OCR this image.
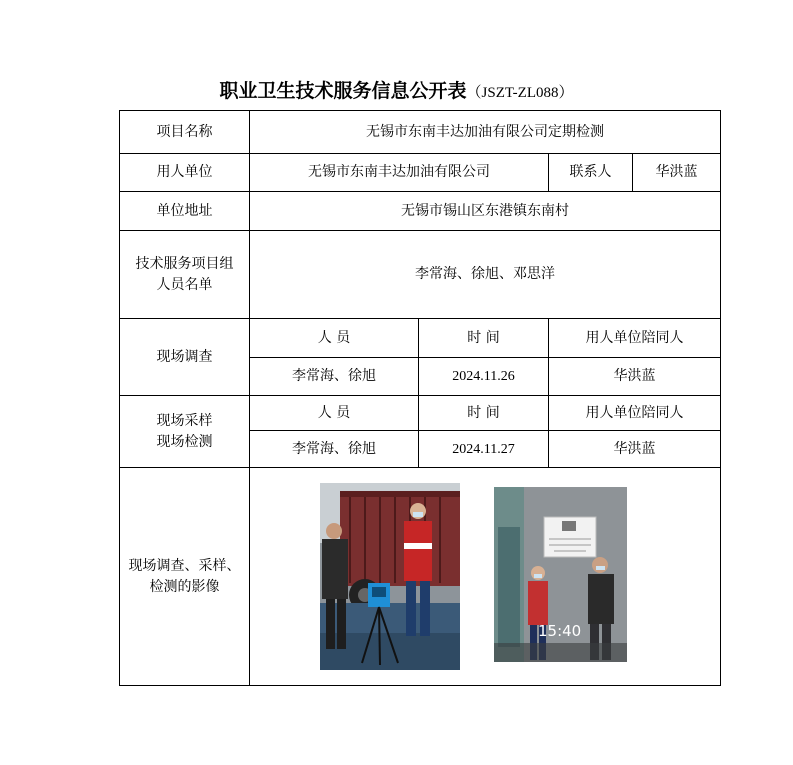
职业卫生技术服务信息公开表（JSZT-ZL088）
项目名称	无锡市东南丰达加油有限公司定期检测			
用人单位	无锡市东南丰达加油有限公司		联系人	华洪蓝
单位地址	无锡市锡山区东港镇东南村			

技术服务项目组
人员名单	李常海、徐旭、邓思洋			
现场调查	人 员	时 间	用人单位陪同人	
	李常海、徐旭	2024.11.26	华洪蓝	

现场采样
现场检测	人 员	时 间	用人单位陪同人	
	李常海、徐旭	2024.11.27	华洪蓝	

现场调查、采样、
检测的影像	15:40			
